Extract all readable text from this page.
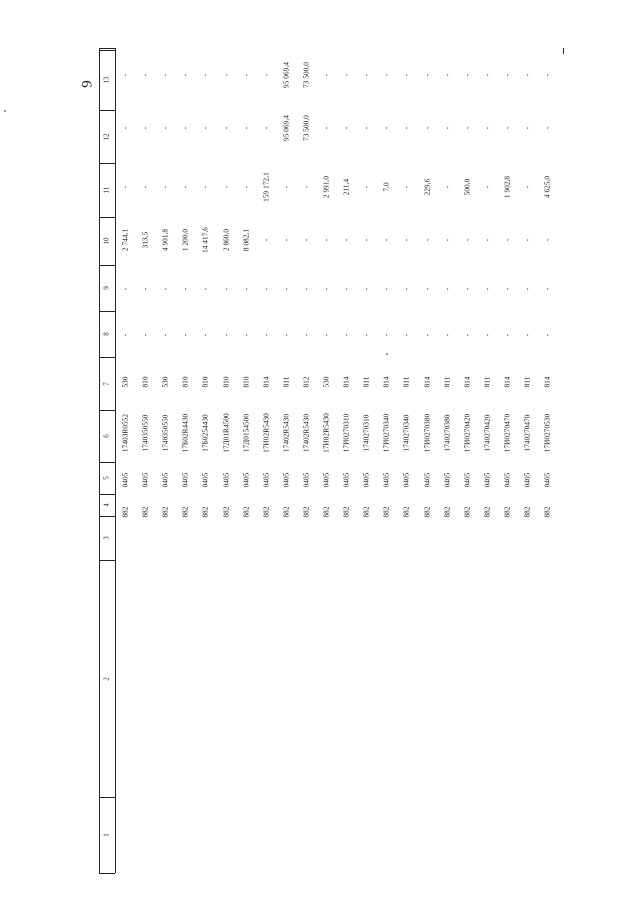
9
1
2
3
4
5
6
7
8
9
10
11
12
13
882
0405
17403R0552
530
-
-
2 744,1
-
-
-
882
0405
1740350550
810
-
-
313,5
-
-
-
882
0405
1740350550
530
-
-
4 901,8
-
-
-
882
0405
17Б02R4430
810
-
-
1 200,0
-
-
-
882
0405
17Б0254430
810
-
-
14 417,6
-
-
-
882
0405
17Д01R4500
810
-
-
2 860,0
-
-
-
882
0405
17Д0154500
810
-
-
8 082,1
-
-
-
882
0405
17И02R5430
814
-
-
-
159 172,1
-
-
882
0405
17402R5430
811
-
-
-
-
95 069,4
95 069,4
882
0405
17402R5430
812
-
-
-
-
73 500,0
73 500,0
882
0405
17И02R5430
530
-
-
-
2 991,0
-
-
882
0405
17И0270310
814
-
-
-
211,4
-
-
882
0405
1740270310
811
-
-
-
-
-
-
882
0405
17И0270340
814
-
-
-
7,0
-
-
882
0405
1740270340
811
-
-
-
-
-
-
882
0405
17И0270380
814
-
-
-
229,6
-
-
882
0405
1740270380
811
-
-
-
-
-
-
882
0405
17И0270420
814
-
-
-
500,0
-
-
882
0405
1740270420
811
-
-
-
-
-
-
882
0405
17И0270470
814
-
-
-
1 902,8
-
-
882
0405
1740270470
811
-
-
-
-
-
-
882
0405
17И0270530
814
-
-
-
4 625,0
-
-
